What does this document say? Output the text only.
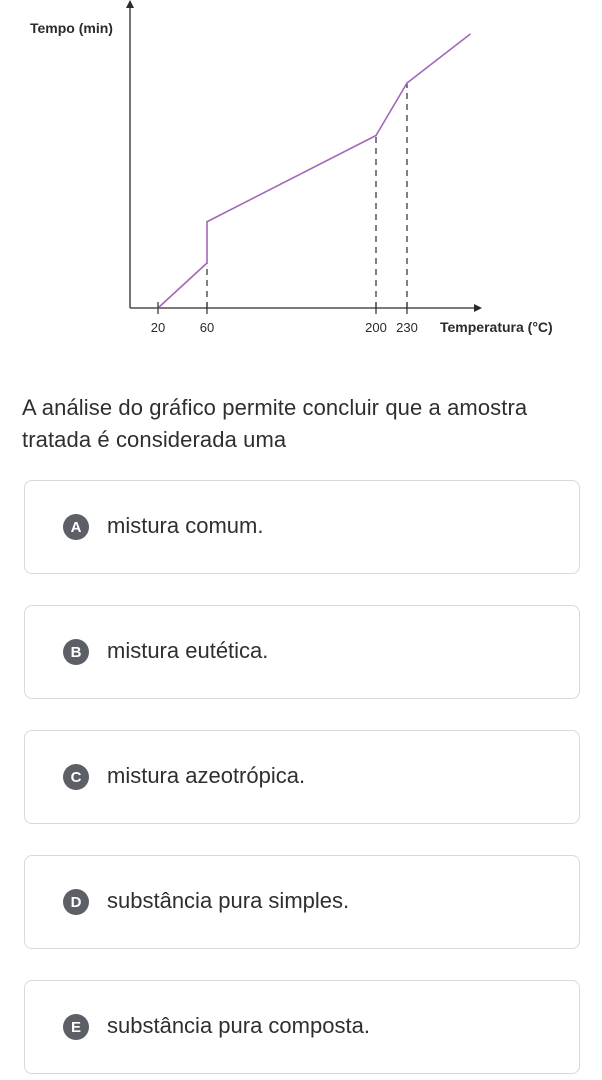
20	60	200 230
Tempo (min)
Temperatura (°C)
A análise do gráfico permite concluir que a amostra tratada é considerada uma
A	mistura comum.
B	mistura eutética.
C	mistura azeotrópica.
D	substância pura simples.
E	substância pura composta.
